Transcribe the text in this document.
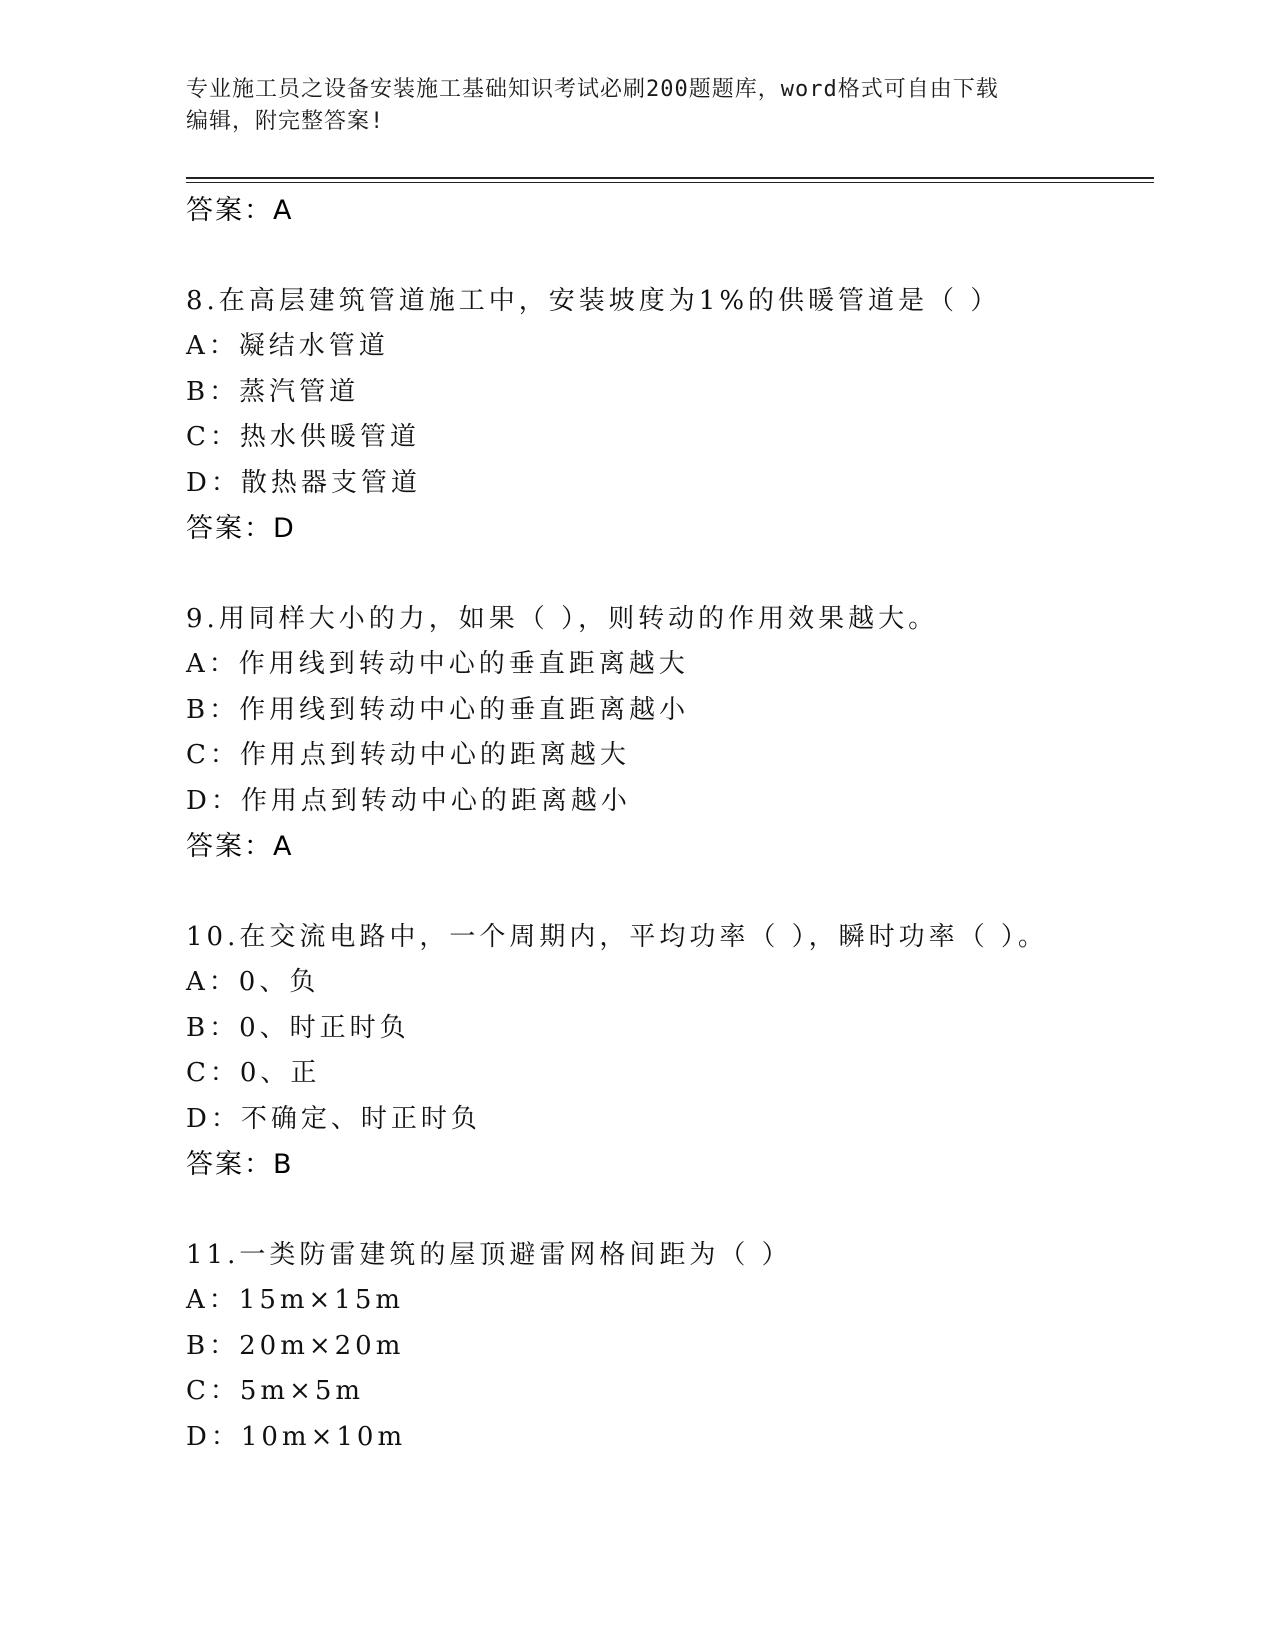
专业施工员之设备安装施工基础知识考试必刷200题题库，word格式可自由下载
编辑，附完整答案!
答案：A
8.在高层建筑管道施工中，安装坡度为1%的供暖管道是（ ）
A：凝结水管道
B：蒸汽管道
C：热水供暖管道
D：散热器支管道
答案：D
9.用同样大小的力，如果（ ），则转动的作用效果越大。
A：作用线到转动中心的垂直距离越大
B：作用线到转动中心的垂直距离越小
C：作用点到转动中心的距离越大
D：作用点到转动中心的距离越小
答案：A
10.在交流电路中，一个周期内，平均功率（ ），瞬时功率（ ）。
A：0、负
B：0、时正时负
C：0、正
D：不确定、时正时负
答案：B
11.一类防雷建筑的屋顶避雷网格间距为（ ）
A：15m×15m
B：20m×20m
C：5m×5m
D：10m×10m
